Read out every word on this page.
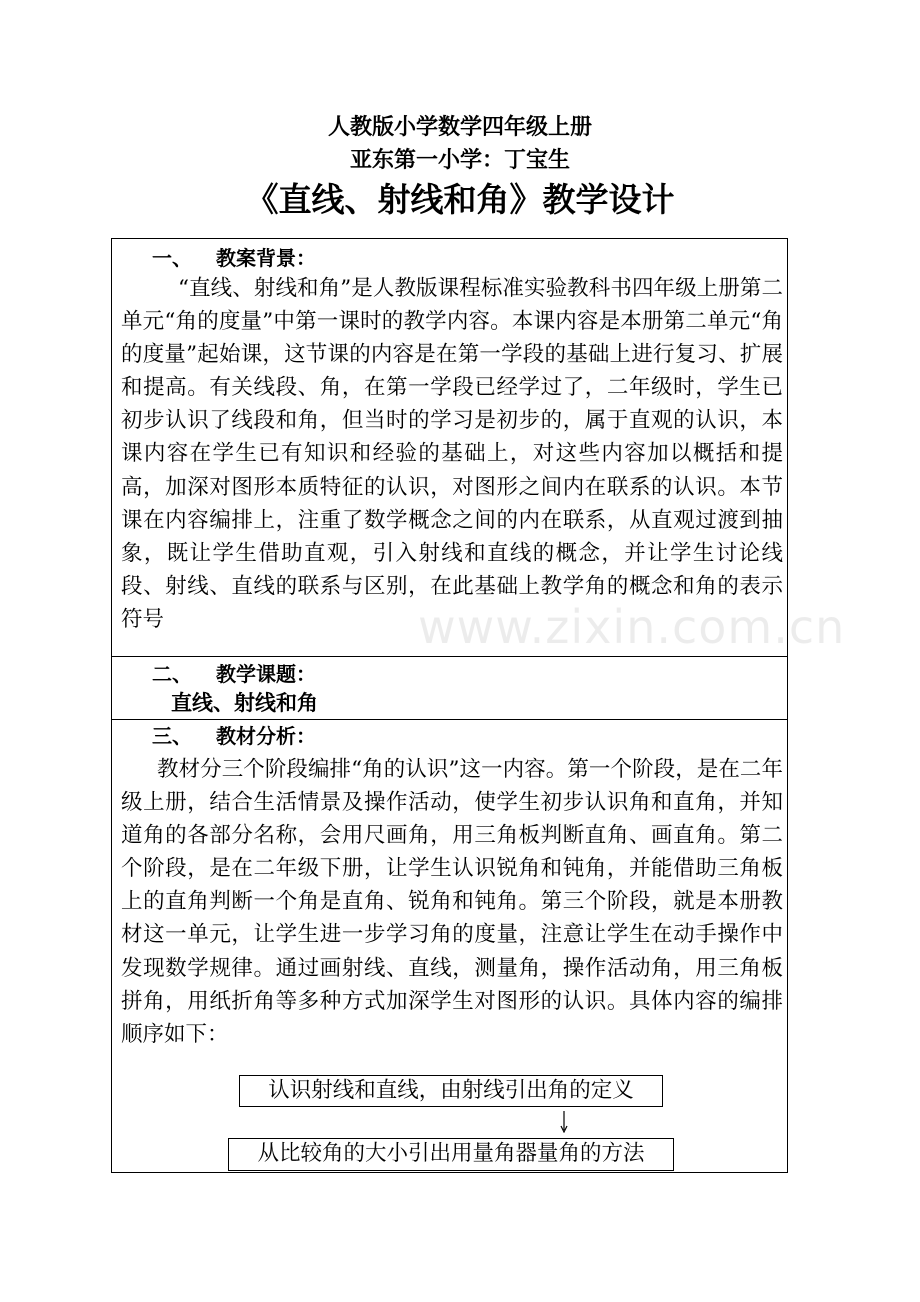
人教版小学数学四年级上册
亚东第一小学：丁宝生
《直线、射线和角》教学设计
一、 教案背景：

“直线、射线和角”是人教版课程标准实验教科书四年级上册第二单元“角的度量”中第一课时的教学内容。本课内容是本册第二单元“角的度量”起始课，这节课的内容是在第一学段的基础上进行复习、扩展和提高。有关线段、角，在第一学段已经学过了，二年级时，学生已初步认识了线段和角，但当时的学习是初步的，属于直观的认识，本课内容在学生已有知识和经验的基础上，对这些内容加以概括和提高，加深对图形本质特征的认识，对图形之间内在联系的认识。本节课在内容编排上，注重了数学概念之间的内在联系，从直观过渡到抽象，既让学生借助直观，引入射线和直线的概念，并让学生讨论线段、射线、直线的联系与区别，在此基础上教学角的概念和角的表示符号

二、 教学课题：
直线、射线和角
三、 教材分析：

教材分三个阶段编排“角的认识”这一内容。第一个阶段，是在二年级上册，结合生活情景及操作活动，使学生初步认识角和直角，并知道角的各部分名称，会用尺画角，用三角板判断直角、画直角。第二个阶段，是在二年级下册，让学生认识锐角和钝角，并能借助三角板上的直角判断一个角是直角、锐角和钝角。第三个阶段，就是本册教材这一单元，让学生进一步学习角的度量，注意让学生在动手操作中发现数学规律。通过画射线、直线，测量角，操作活动角，用三角板拼角，用纸折角等多种方式加深学生对图形的认识。具体内容的编排顺序如下：

认识射线和直线，由射线引出角的定义
从比较角的大小引出用量角器量角的方法
www.zixin.com.cn
